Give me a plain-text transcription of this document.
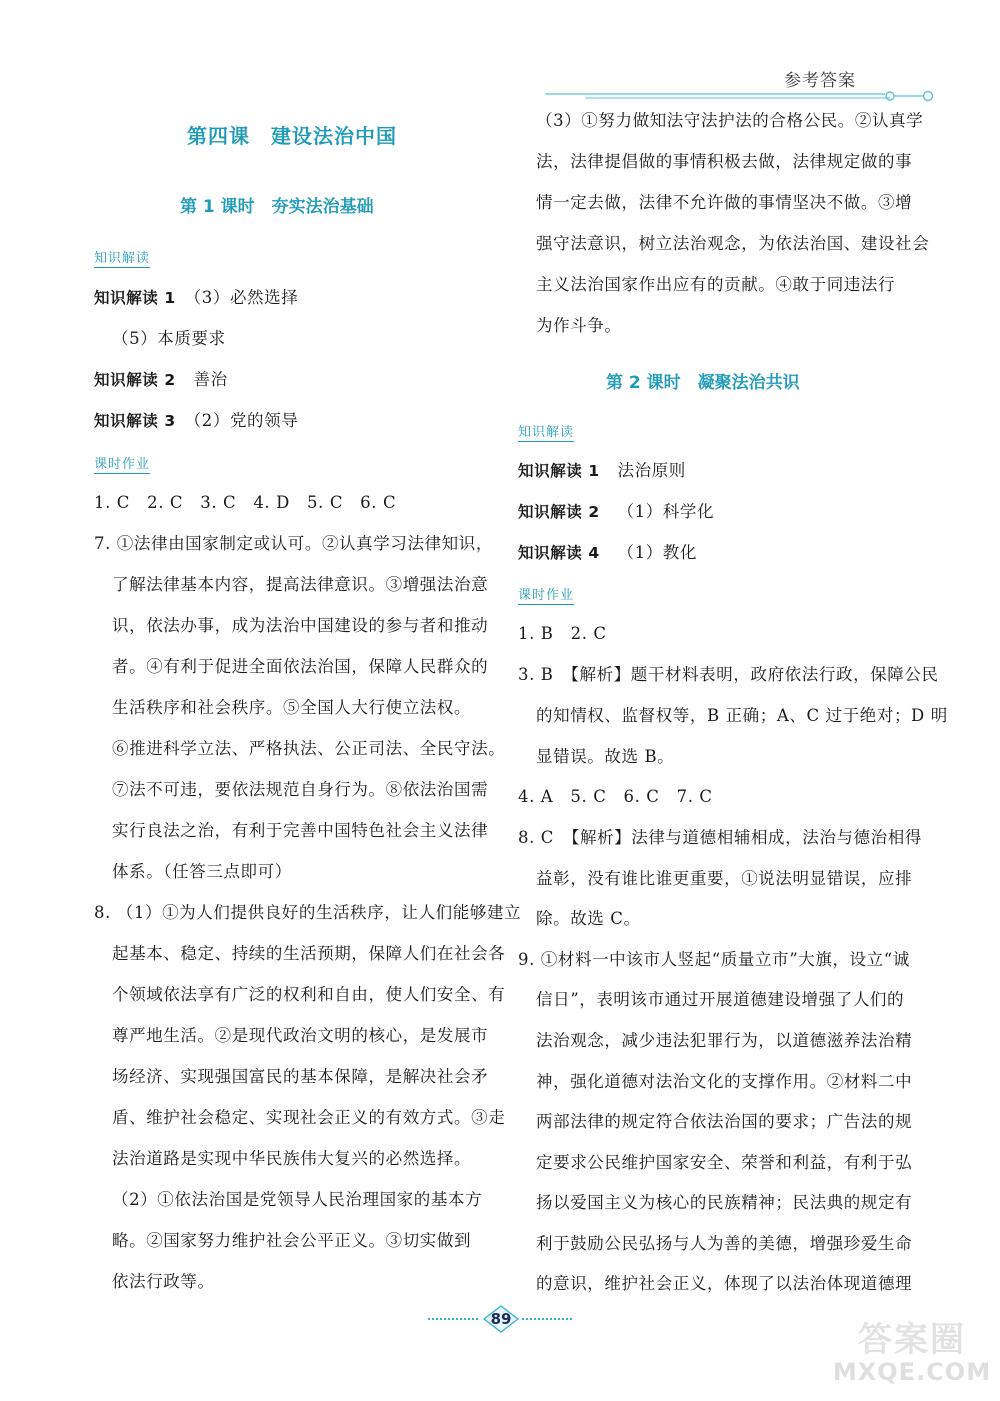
参考答案
第四课　建设法治中国
第 1 课时　夯实法治基础
知识解读
知识解读 1  （3）必然选择
（5）本质要求
知识解读 2   善治
知识解读 3  （2）党的领导
课时作业
1. C　2. C　3. C　4. D　5. C　6. C
7. ①法律由国家制定或认可。②认真学习法律知识，
了解法律基本内容，提高法律意识。③增强法治意
识，依法办事，成为法治中国建设的参与者和推动
者。④有利于促进全面依法治国，保障人民群众的
生活秩序和社会秩序。⑤全国人大行使立法权。
⑥推进科学立法、严格执法、公正司法、全民守法。
⑦法不可违，要依法规范自身行为。⑧依法治国需
实行良法之治，有利于完善中国特色社会主义法律
体系。（任答三点即可）
8. （1）①为人们提供良好的生活秩序，让人们能够建立
起基本、稳定、持续的生活预期，保障人们在社会各
个领域依法享有广泛的权利和自由，使人们安全、有
尊严地生活。②是现代政治文明的核心，是发展市
场经济、实现强国富民的基本保障，是解决社会矛
盾、维护社会稳定、实现社会正义的有效方式。③走
法治道路是实现中华民族伟大复兴的必然选择。
（2）①依法治国是党领导人民治理国家的基本方
略。②国家努力维护社会公平正义。③切实做到
依法行政等。
（3）①努力做知法守法护法的合格公民。②认真学
法，法律提倡做的事情积极去做，法律规定做的事
情一定去做，法律不允许做的事情坚决不做。③增
强守法意识，树立法治观念，为依法治国、建设社会
主义法治国家作出应有的贡献。④敢于同违法行
为作斗争。
知识解读
知识解读 1   法治原则
知识解读 2   （1）科学化
知识解读 4   （1）教化
课时作业
1. B　2. C
3. B　【解析】题干材料表明，政府依法行政，保障公民
的知情权、监督权等，B 正确；A、C 过于绝对；D 明
显错误。故选 B。
4. A　5. C　6. C　7. C
8. C　【解析】法律与道德相辅相成，法治与德治相得
益彰，没有谁比谁更重要，①说法明显错误，应排
除。故选 C。
9. ①材料一中该市人竖起“质量立市”大旗，设立“诚
信日”，表明该市通过开展道德建设增强了人们的
法治观念，减少违法犯罪行为，以道德滋养法治精
神，强化道德对法治文化的支撑作用。②材料二中
两部法律的规定符合依法治国的要求；广告法的规
定要求公民维护国家安全、荣誉和利益，有利于弘
扬以爱国主义为核心的民族精神；民法典的规定有
利于鼓励公民弘扬与人为善的美德，增强珍爱生命
的意识，维护社会正义，体现了以法治体现道德理
第 2 课时　凝聚法治共识
89
答案圈
MXQE.COM
